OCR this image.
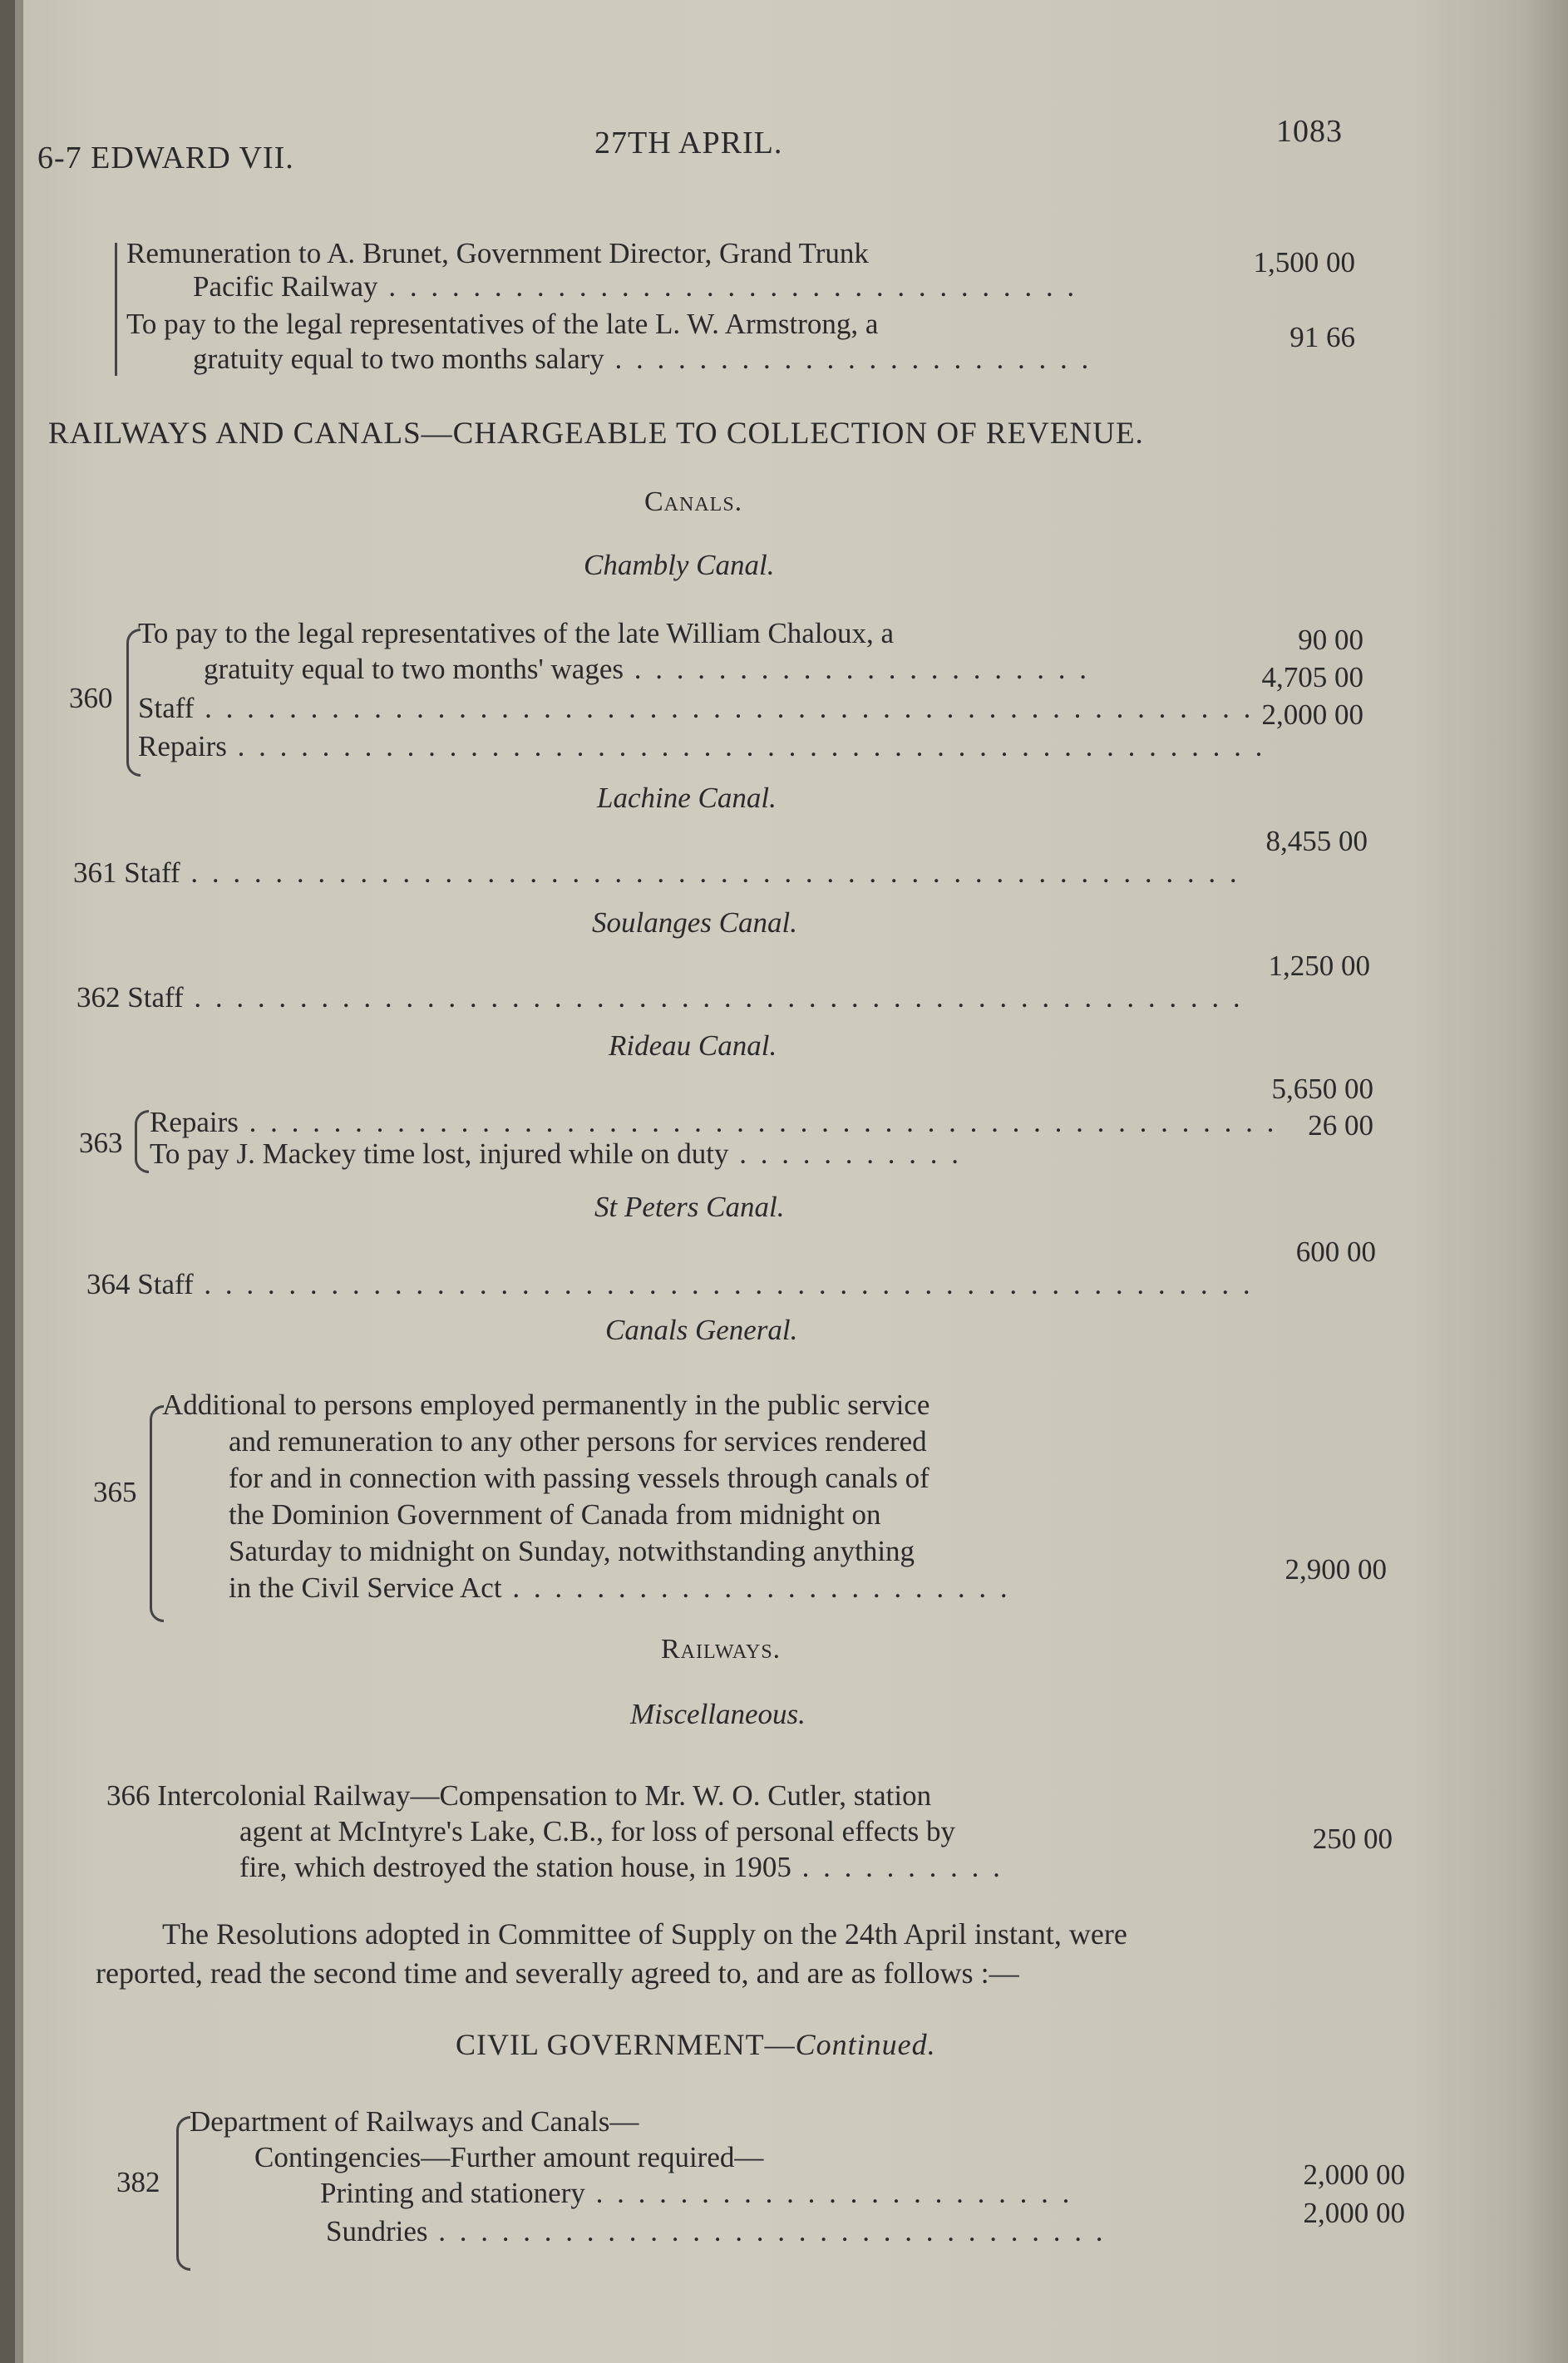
6-7 EDWARD VII.	27TH APRIL.	1083
Remuneration to A. Brunet, Government Director, Grand Trunk
Pacific Railway . . . . . . . . . . . . . . . . . . . . . . . . . . . . . . . . .
1,500 00
To pay to the legal representatives of the late L. W. Armstrong, a
gratuity equal to two months salary . . . . . . . . . . . . . . . . . . . . . . .
91 66
RAILWAYS AND CANALS—CHARGEABLE TO COLLECTION OF REVENUE.
Canals.
Chambly Canal.
360
To pay to the legal representatives of the late William Chaloux, a
gratuity equal to two months' wages . . . . . . . . . . . . . . . . . . . . . .
Staff . . . . . . . . . . . . . . . . . . . . . . . . . . . . . . . . . . . . . . . . . . . . . . . . . .
Repairs . . . . . . . . . . . . . . . . . . . . . . . . . . . . . . . . . . . . . . . . . . . . . . . . .
90 00
4,705 00
2,000 00
Lachine Canal.
361 Staff . . . . . . . . . . . . . . . . . . . . . . . . . . . . . . . . . . . . . . . . . . . . . . . . . .
8,455 00
Soulanges Canal.
362 Staff . . . . . . . . . . . . . . . . . . . . . . . . . . . . . . . . . . . . . . . . . . . . . . . . . .
1,250 00
Rideau Canal.
363
Repairs . . . . . . . . . . . . . . . . . . . . . . . . . . . . . . . . . . . . . . . . . . . . . . . . .
To pay J. Mackey time lost, injured while on duty . . . . . . . . . . .
5,650 00
26 00
St Peters Canal.
364 Staff . . . . . . . . . . . . . . . . . . . . . . . . . . . . . . . . . . . . . . . . . . . . . . . . . .
600 00
Canals General.
365
Additional to persons employed permanently in the public service
and remuneration to any other persons for services rendered
for and in connection with passing vessels through canals of
the Dominion Government of Canada from midnight on
Saturday to midnight on Sunday, notwithstanding anything
in the Civil Service Act . . . . . . . . . . . . . . . . . . . . . . . .
2,900 00
Railways.
Miscellaneous.
366 Intercolonial Railway—Compensation to Mr. W. O. Cutler, station
agent at McIntyre's Lake, C.B., for loss of personal effects by
fire, which destroyed the station house, in 1905 . . . . . . . . . .
250 00
The Resolutions adopted in Committee of Supply on the 24th April instant, were
reported, read the second time and severally agreed to, and are as follows :—
CIVIL GOVERNMENT—Continued.
382
Department of Railways and Canals—
Contingencies—Further amount required—
Printing and stationery . . . . . . . . . . . . . . . . . . . . . . .
Sundries . . . . . . . . . . . . . . . . . . . . . . . . . . . . . . . .
2,000 00
2,000 00
